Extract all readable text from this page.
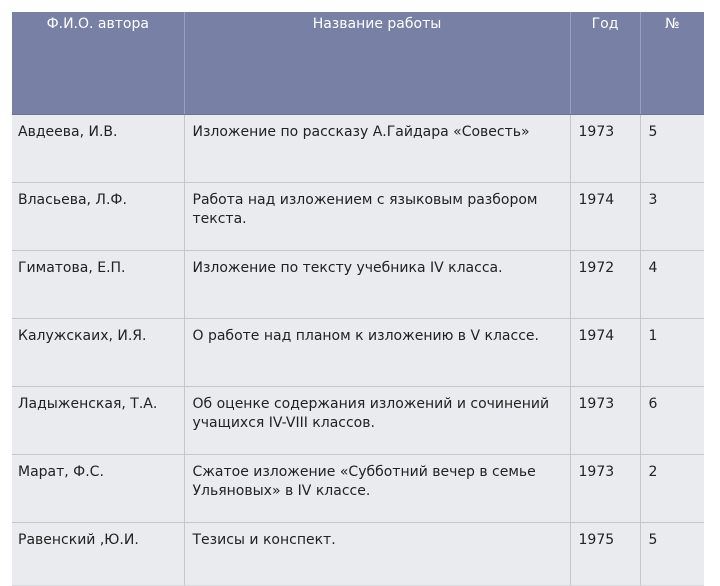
Ф.И.О. автора	Название работы	Год	№
Авдеева, И.В.	Изложение по рассказу А.Гайдара «Совесть»	1973	5
Власьева, Л.Ф.	Работа над изложением с языковым разбором текста.	1974	3
Гиматова, Е.П.	Изложение по тексту учебника IV класса.	1972	4
Калужскаих, И.Я.	О работе над планом к изложению в V классе.	1974	1
Ладыженская, Т.А.	Об оценке содержания изложений и сочинений учащихся IV-VIII классов.	1973	6
Марат, Ф.С.	Сжатое изложение «Субботний вечер в семье Ульяновых» в IV классе.	1973	2
Равенский ,Ю.И.	Тезисы и конспект.	1975	5
